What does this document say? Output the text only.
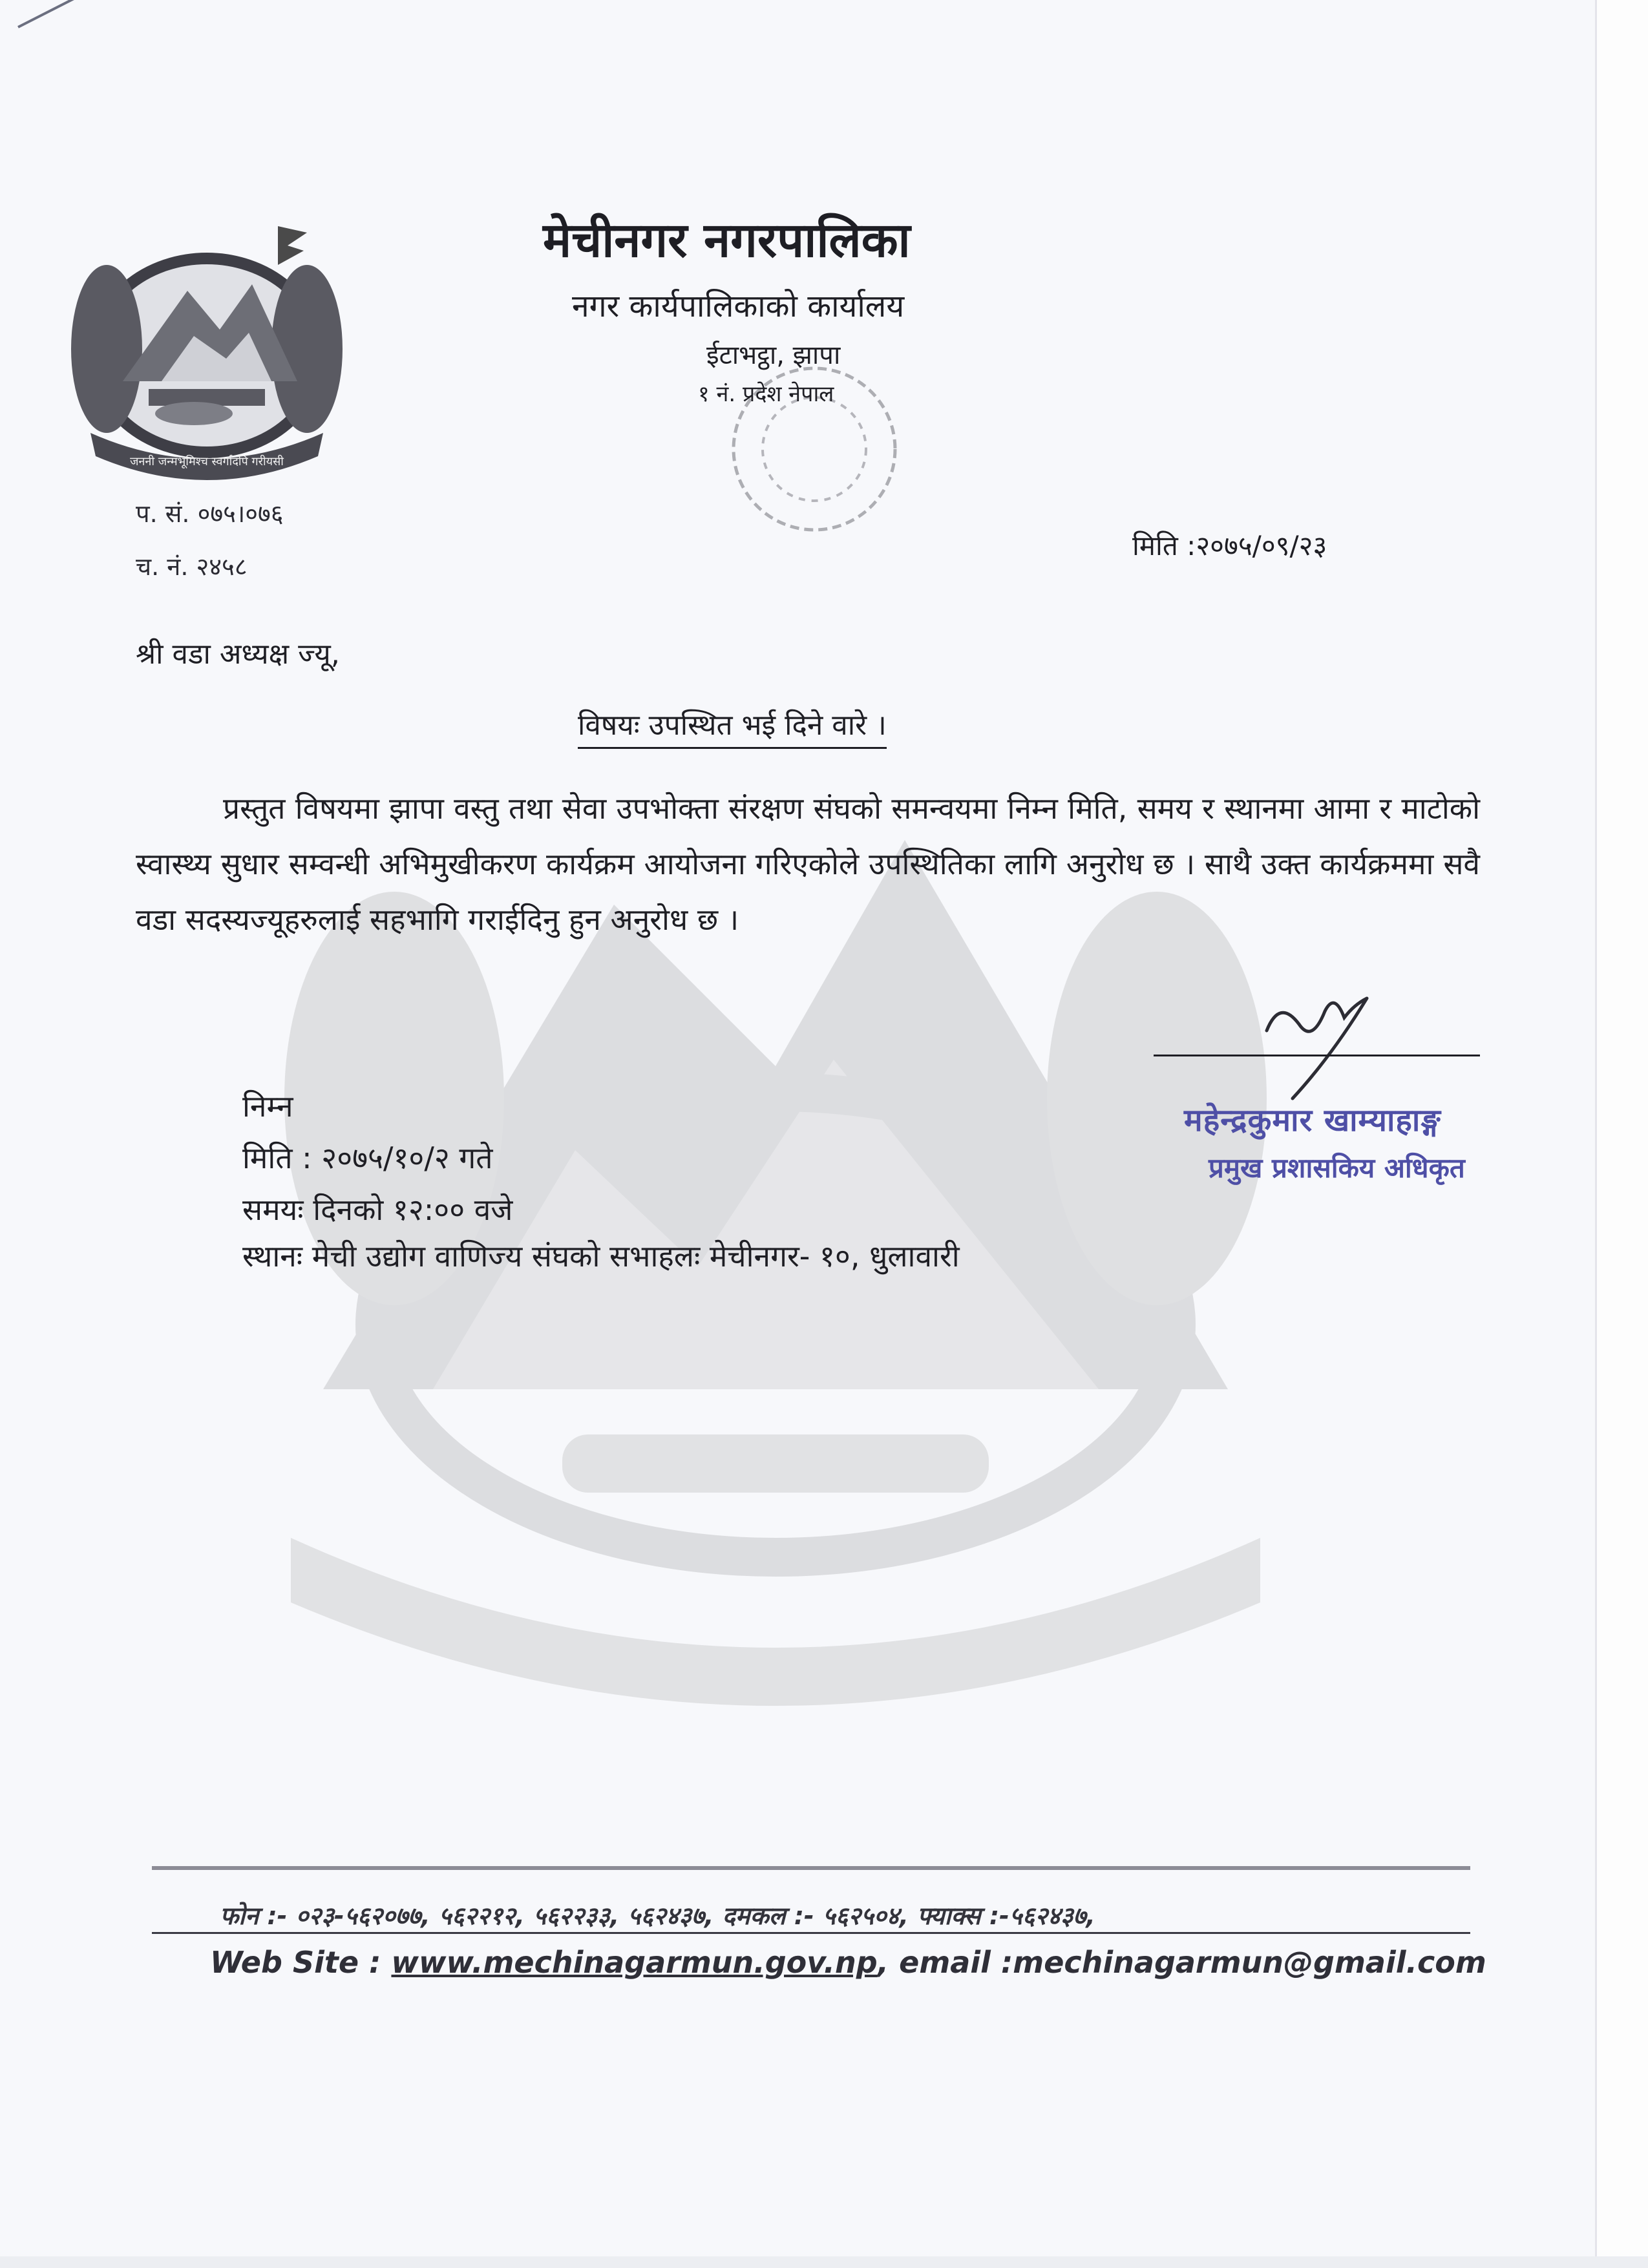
जननी जन्मभूमिश्च स्वर्गादपि गरीयसी
मेचीनगर नगरपालिका
नगर कार्यपालिकाको कार्यालय
ईटाभट्ठा, झापा
१ नं. प्रदेश नेपाल
प. सं. ०७५।०७६
च. नं. २४५८
मिति :२०७५/०९/२३
श्री वडा अध्यक्ष ज्यू,
विषयः उपस्थित भई दिने वारे ।

प्रस्तुत विषयमा झापा वस्तु तथा सेवा उपभोक्ता संरक्षण संघको समन्वयमा निम्न मिति, समय र स्थानमा आमा र माटोको स्वास्थ्य सुधार सम्वन्धी अभिमुखीकरण कार्यक्रम आयोजना गरिएकोले उपस्थितिका लागि अनुरोध छ । साथै उक्त कार्यक्रममा सवै वडा सदस्यज्यूहरुलाई सहभागि गराईदिनु हुन अनुरोध छ ।

महेन्द्रकुमार खाम्याहाङ्ग
प्रमुख प्रशासकिय अधिकृत
निम्न
मिति : २०७५/१०/२ गते
समयः दिनको १२:०० वजे
स्थानः मेची उद्योग वाणिज्य संघको सभाहलः मेचीनगर- १०, धुलावारी
फोन :- ०२३-५६२०७७, ५६२२१२, ५६२२३३, ५६२४३७, दमकल :- ५६२५०४, फ्याक्स :-५६२४३७,
Web Site : www.mechinagarmun.gov.np, email :mechinagarmun@gmail.com
